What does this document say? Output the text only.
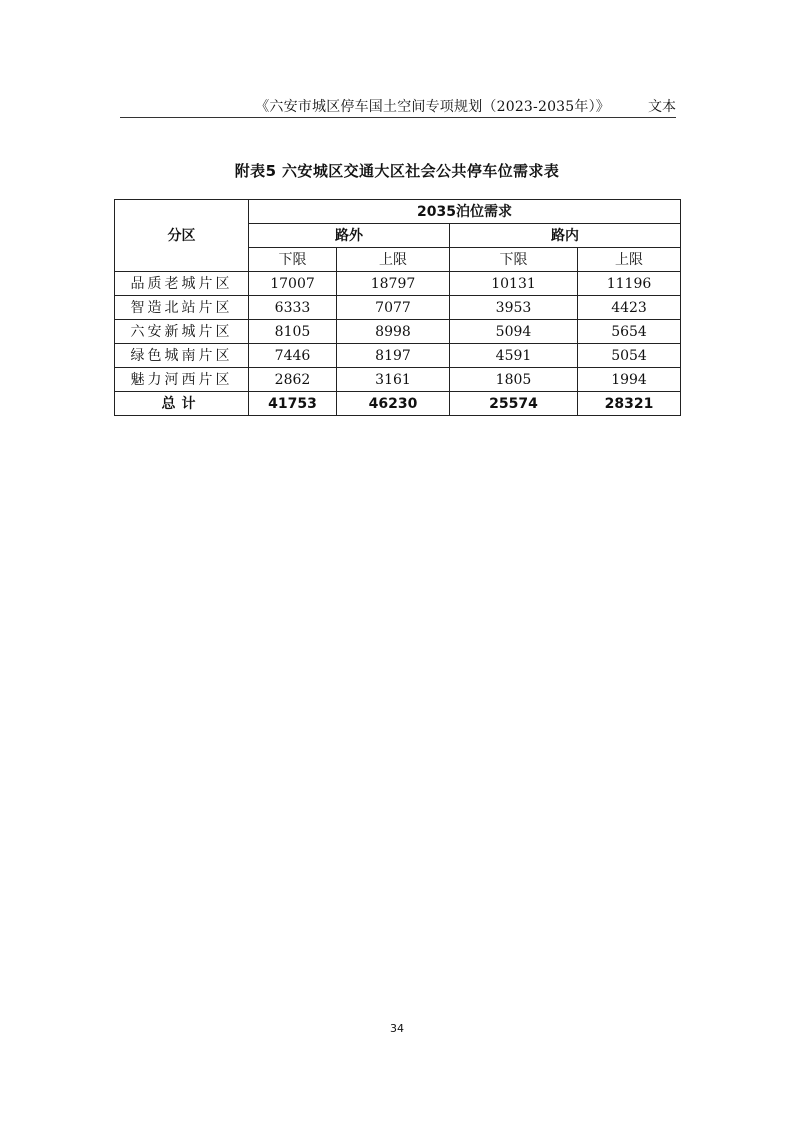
《六安市城区停车国土空间专项规划（2023-2035年）》	文本
附表5 六安城区交通大区社会公共停车位需求表
分区	2035泊位需求			
	路外		路内	
	下限	上限	下限	上限
品质老城片区	17007	18797	10131	11196
智造北站片区	6333	7077	3953	4423
六安新城片区	8105	8998	5094	5654
绿色城南片区	7446	8197	4591	5054
魅力河西片区	2862	3161	1805	1994
总计	41753	46230	25574	28321
34
